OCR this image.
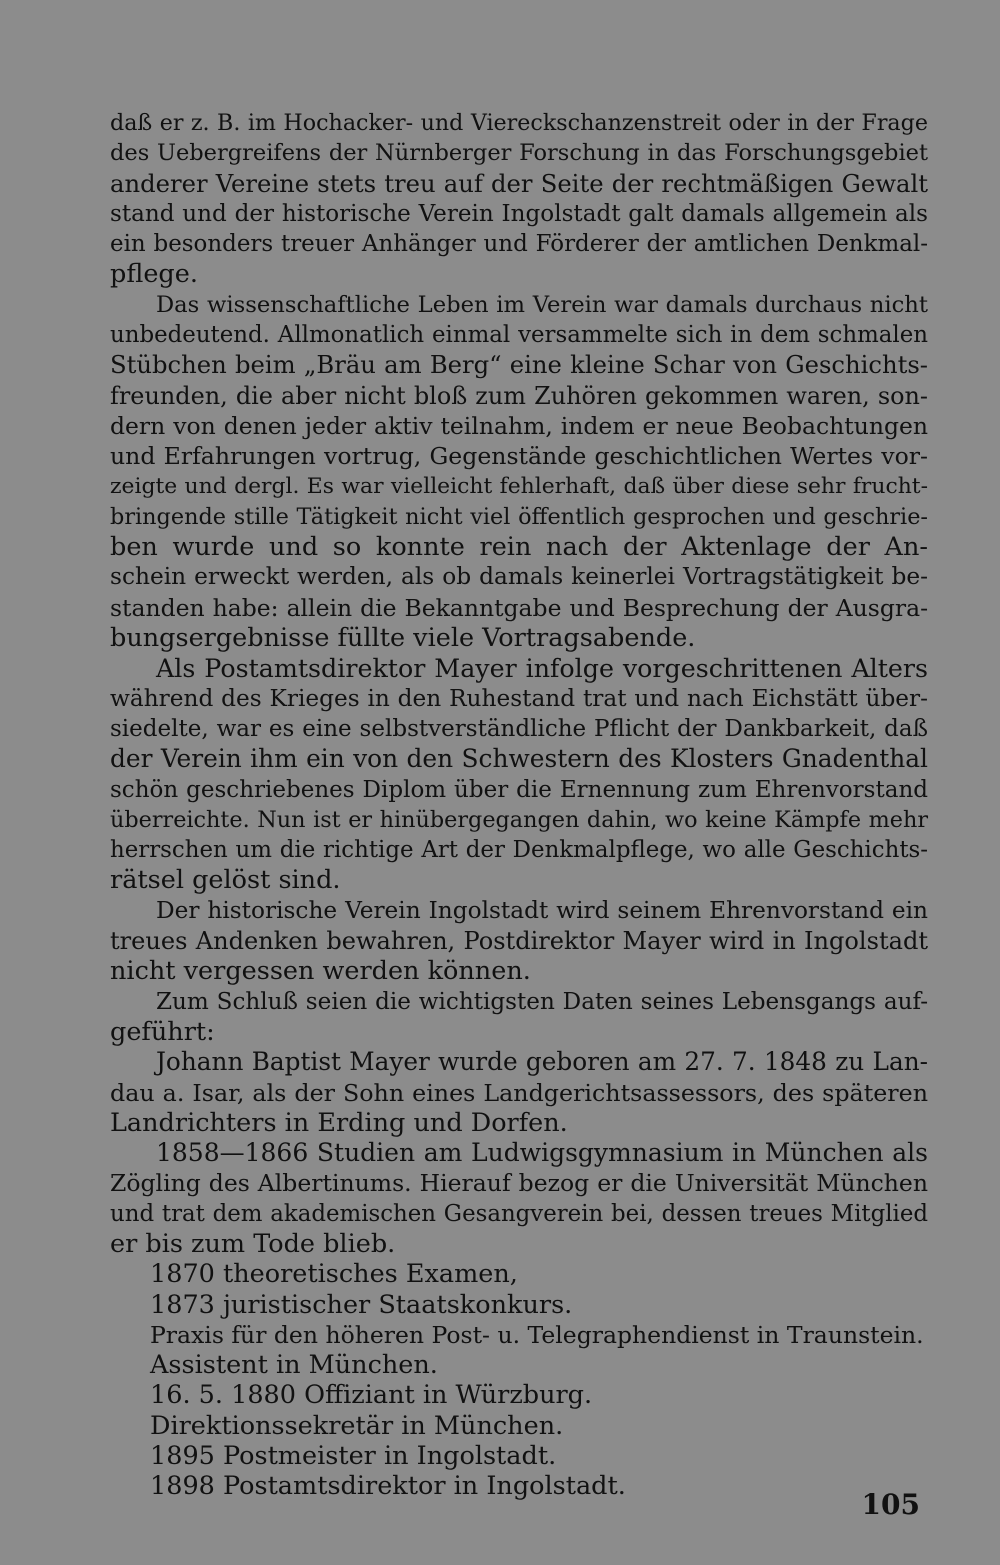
daß er z. B. im Hochacker- und Viereckschanzenstreit oder in der Frage
des Uebergreifens der Nürnberger Forschung in das Forschungsgebiet
anderer Vereine stets treu auf der Seite der rechtmäßigen Gewalt
stand und der historische Verein Ingolstadt galt damals allgemein als
ein besonders treuer Anhänger und Förderer der amtlichen Denkmal-
pflege.
Das wissenschaftliche Leben im Verein war damals durchaus nicht
unbedeutend. Allmonatlich einmal versammelte sich in dem schmalen
Stübchen beim „Bräu am Berg“ eine kleine Schar von Geschichts-
freunden, die aber nicht bloß zum Zuhören gekommen waren, son-
dern von denen jeder aktiv teilnahm, indem er neue Beobachtungen
und Erfahrungen vortrug, Gegenstände geschichtlichen Wertes vor-
zeigte und dergl. Es war vielleicht fehlerhaft, daß über diese sehr frucht-
bringende stille Tätigkeit nicht viel öffentlich gesprochen und geschrie-
ben wurde und so konnte rein nach der Aktenlage der An-
schein erweckt werden, als ob damals keinerlei Vortragstätigkeit be-
standen habe: allein die Bekanntgabe und Besprechung der Ausgra-
bungsergebnisse füllte viele Vortragsabende.
Als Postamtsdirektor Mayer infolge vorgeschrittenen Alters
während des Krieges in den Ruhestand trat und nach Eichstätt über-
siedelte, war es eine selbstverständliche Pflicht der Dankbarkeit, daß
der Verein ihm ein von den Schwestern des Klosters Gnadenthal
schön geschriebenes Diplom über die Ernennung zum Ehrenvorstand
überreichte. Nun ist er hinübergegangen dahin, wo keine Kämpfe mehr
herrschen um die richtige Art der Denkmalpflege, wo alle Geschichts-
rätsel gelöst sind.
Der historische Verein Ingolstadt wird seinem Ehrenvorstand ein
treues Andenken bewahren, Postdirektor Mayer wird in Ingolstadt
nicht vergessen werden können.
Zum Schluß seien die wichtigsten Daten seines Lebensgangs auf-
geführt:
Johann Baptist Mayer wurde geboren am 27. 7. 1848 zu Lan-
dau a. Isar, als der Sohn eines Landgerichtsassessors, des späteren
Landrichters in Erding und Dorfen.
1858—1866 Studien am Ludwigsgymnasium in München als
Zögling des Albertinums. Hierauf bezog er die Universität München
und trat dem akademischen Gesangverein bei, dessen treues Mitglied
er bis zum Tode blieb.
1870 theoretisches Examen,
1873 juristischer Staatskonkurs.
Praxis für den höheren Post- u. Telegraphendienst in Traunstein.
Assistent in München.
16. 5. 1880 Offiziant in Würzburg.
Direktionssekretär in München.
1895 Postmeister in Ingolstadt.
1898 Postamtsdirektor in Ingolstadt.
105
